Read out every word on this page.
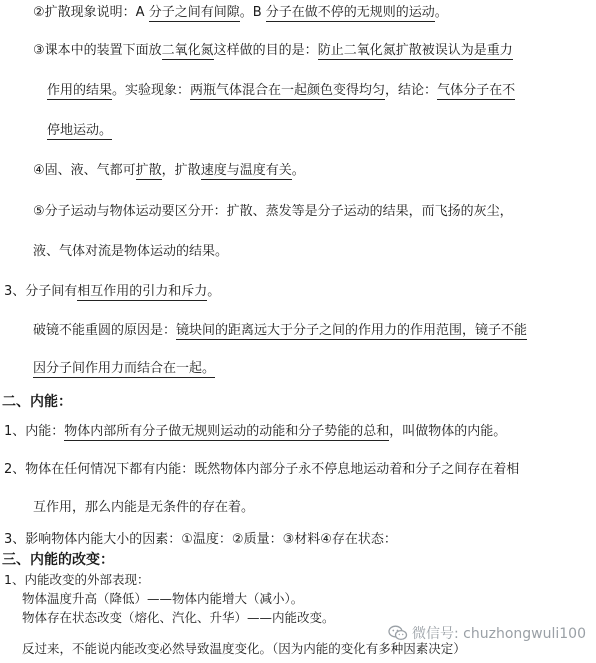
②扩散现象说明：A 分子之间有间隙。B 分子在做不停的无规则的运动。
③课本中的装置下面放二氧化氮这样做的目的是：防止二氧化氮扩散被误认为是重力
作用的结果。实验现象：两瓶气体混合在一起颜色变得均匀，结论：气体分子在不
停地运动。
④固、液、气都可扩散，扩散速度与温度有关。
⑤分子运动与物体运动要区分开：扩散、蒸发等是分子运动的结果，而飞扬的灰尘，
液、气体对流是物体运动的结果。
3、分子间有相互作用的引力和斥力。
破镜不能重圆的原因是：镜块间的距离远大于分子之间的作用力的作用范围，镜子不能
因分子间作用力而结合在一起。
二、内能：
1、内能：物体内部所有分子做无规则运动的动能和分子势能的总和，叫做物体的内能。
2、物体在任何情况下都有内能：既然物体内部分子永不停息地运动着和分子之间存在着相
互作用，那么内能是无条件的存在着。
3、影响物体内能大小的因素：①温度：②质量：③材料④存在状态：
三、内能的改变：
1、内能改变的外部表现：
物体温度升高（降低）——物体内能增大（减小）。
物体存在状态改变（熔化、汽化、升华）——内能改变。
反过来，不能说内能改变必然导致温度变化。（因为内能的变化有多种因素决定）
微信号: chuzhongwuli100
